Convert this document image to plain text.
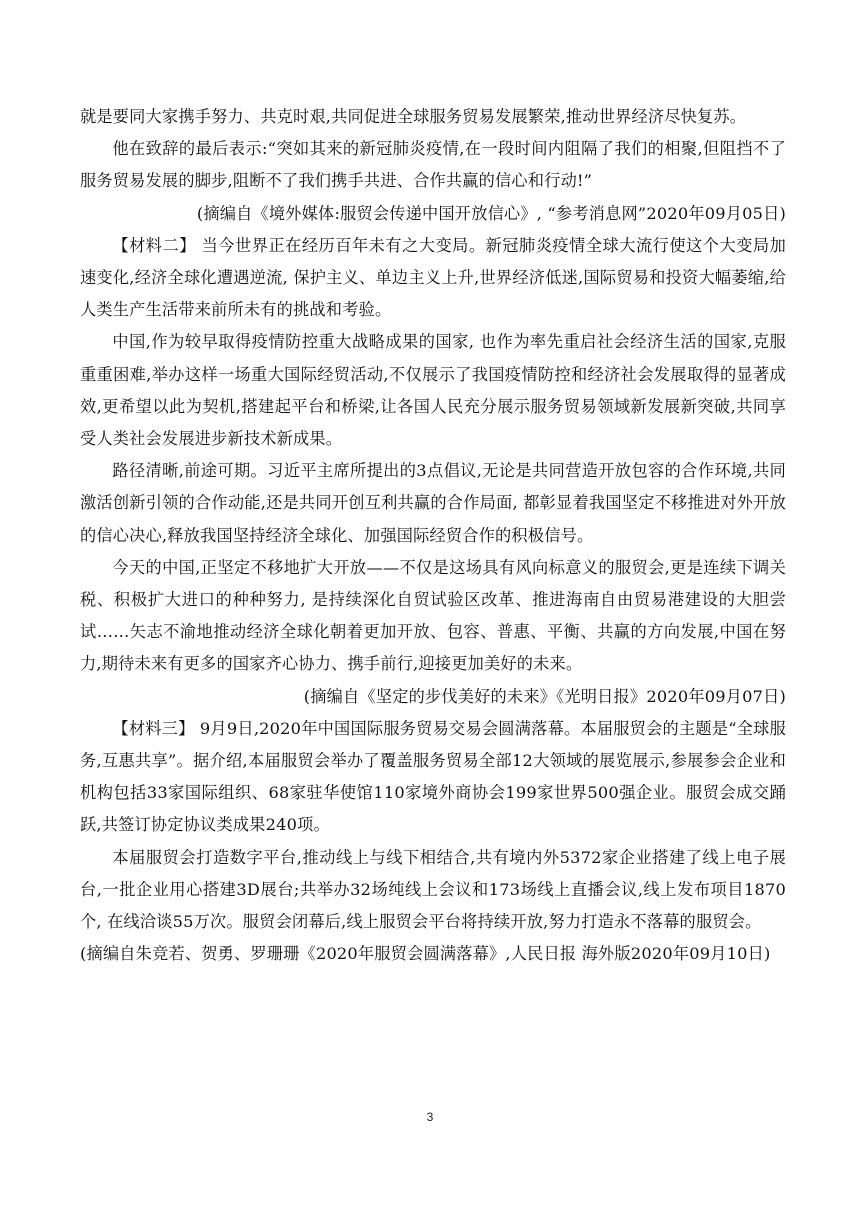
就是要同大家携手努力、共克时艰,共同促进全球服务贸易发展繁荣,推动世界经济尽快复苏。

他在致辞的最后表示:“突如其来的新冠肺炎疫情,在一段时间内阻隔了我们的相聚,但阻挡不了服务贸易发展的脚步,阻断不了我们携手共进、合作共赢的信心和行动!”

(摘编自《境外媒体:服贸会传递中国开放信心》, “参考消息网”2020年09月05日)

【材料二】 当今世界正在经历百年未有之大变局。新冠肺炎疫情全球大流行使这个大变局加速变化,经济全球化遭遇逆流, 保护主义、单边主义上升,世界经济低迷,国际贸易和投资大幅萎缩,给人类生产生活带来前所未有的挑战和考验。

中国,作为较早取得疫情防控重大战略成果的国家, 也作为率先重启社会经济生活的国家,克服重重困难,举办这样一场重大国际经贸活动,不仅展示了我国疫情防控和经济社会发展取得的显著成效,更希望以此为契机,搭建起平台和桥梁,让各国人民充分展示服务贸易领域新发展新突破,共同享受人类社会发展进步新技术新成果。

路径清晰,前途可期。习近平主席所提出的3点倡议,无论是共同营造开放包容的合作环境,共同激活创新引领的合作动能,还是共同开创互利共赢的合作局面, 都彰显着我国坚定不移推进对外开放的信心决心,释放我国坚持经济全球化、加强国际经贸合作的积极信号。

今天的中国,正坚定不移地扩大开放——不仅是这场具有风向标意义的服贸会,更是连续下调关税、积极扩大进口的种种努力, 是持续深化自贸试验区改革、推进海南自由贸易港建设的大胆尝试……矢志不渝地推动经济全球化朝着更加开放、包容、普惠、平衡、共赢的方向发展,中国在努力,期待未来有更多的国家齐心协力、携手前行,迎接更加美好的未来。

(摘编自《坚定的步伐美好的未来》《光明日报》2020年09月07日)

【材料三】 9月9日,2020年中国国际服务贸易交易会圆满落幕。本届服贸会的主题是“全球服务,互惠共享”。据介绍,本届服贸会举办了覆盖服务贸易全部12大领域的展览展示,参展参会企业和机构包括33家国际组织、68家驻华使馆110家境外商协会199家世界500强企业。服贸会成交踊跃,共签订协定协议类成果240项。

本届服贸会打造数字平台,推动线上与线下相结合,共有境内外5372家企业搭建了线上电子展台,一批企业用心搭建3D展台;共举办32场纯线上会议和173场线上直播会议,线上发布项目1870个, 在线洽谈55万次。服贸会闭幕后,线上服贸会平台将持续开放,努力打造永不落幕的服贸会。

(摘编自朱竞若、贺勇、罗珊珊《2020年服贸会圆满落幕》,人民日报 海外版2020年09月10日)

3
